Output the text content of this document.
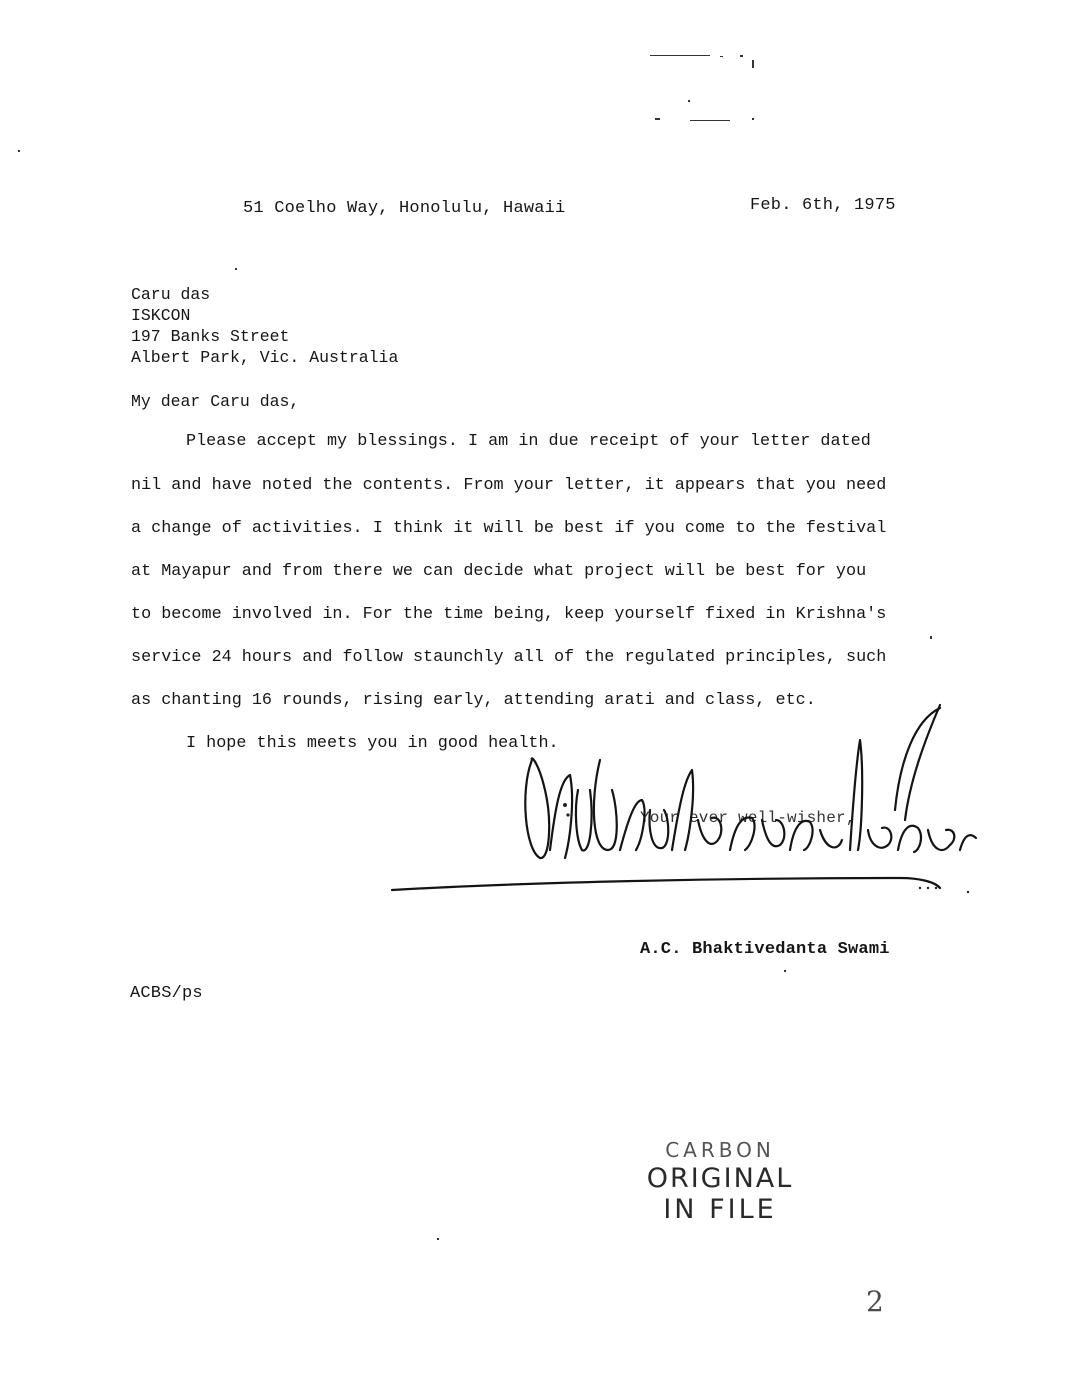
51 Coelho Way, Honolulu, Hawaii	Feb. 6th, 1975
Caru das
ISKCON
197 Banks Street
Albert Park, Vic. Australia
My dear Caru das,
Please accept my blessings. I am in due receipt of your letter dated
nil and have noted the contents. From your letter, it appears that you need
a change of activities. I think it will be best if you come to the festival
at Mayapur and from there we can decide what project will be best for you
to become involved in. For the time being, keep yourself fixed in Krishna's
service 24 hours and follow staunchly all of the regulated principles, such
as chanting 16 rounds, rising early, attending arati and class, etc.
I hope this meets you in good health.
Your ever well-wisher,
A.C. Bhaktivedanta Swami
ACBS/ps
CARBON
ORIGINAL
IN FILE
2
